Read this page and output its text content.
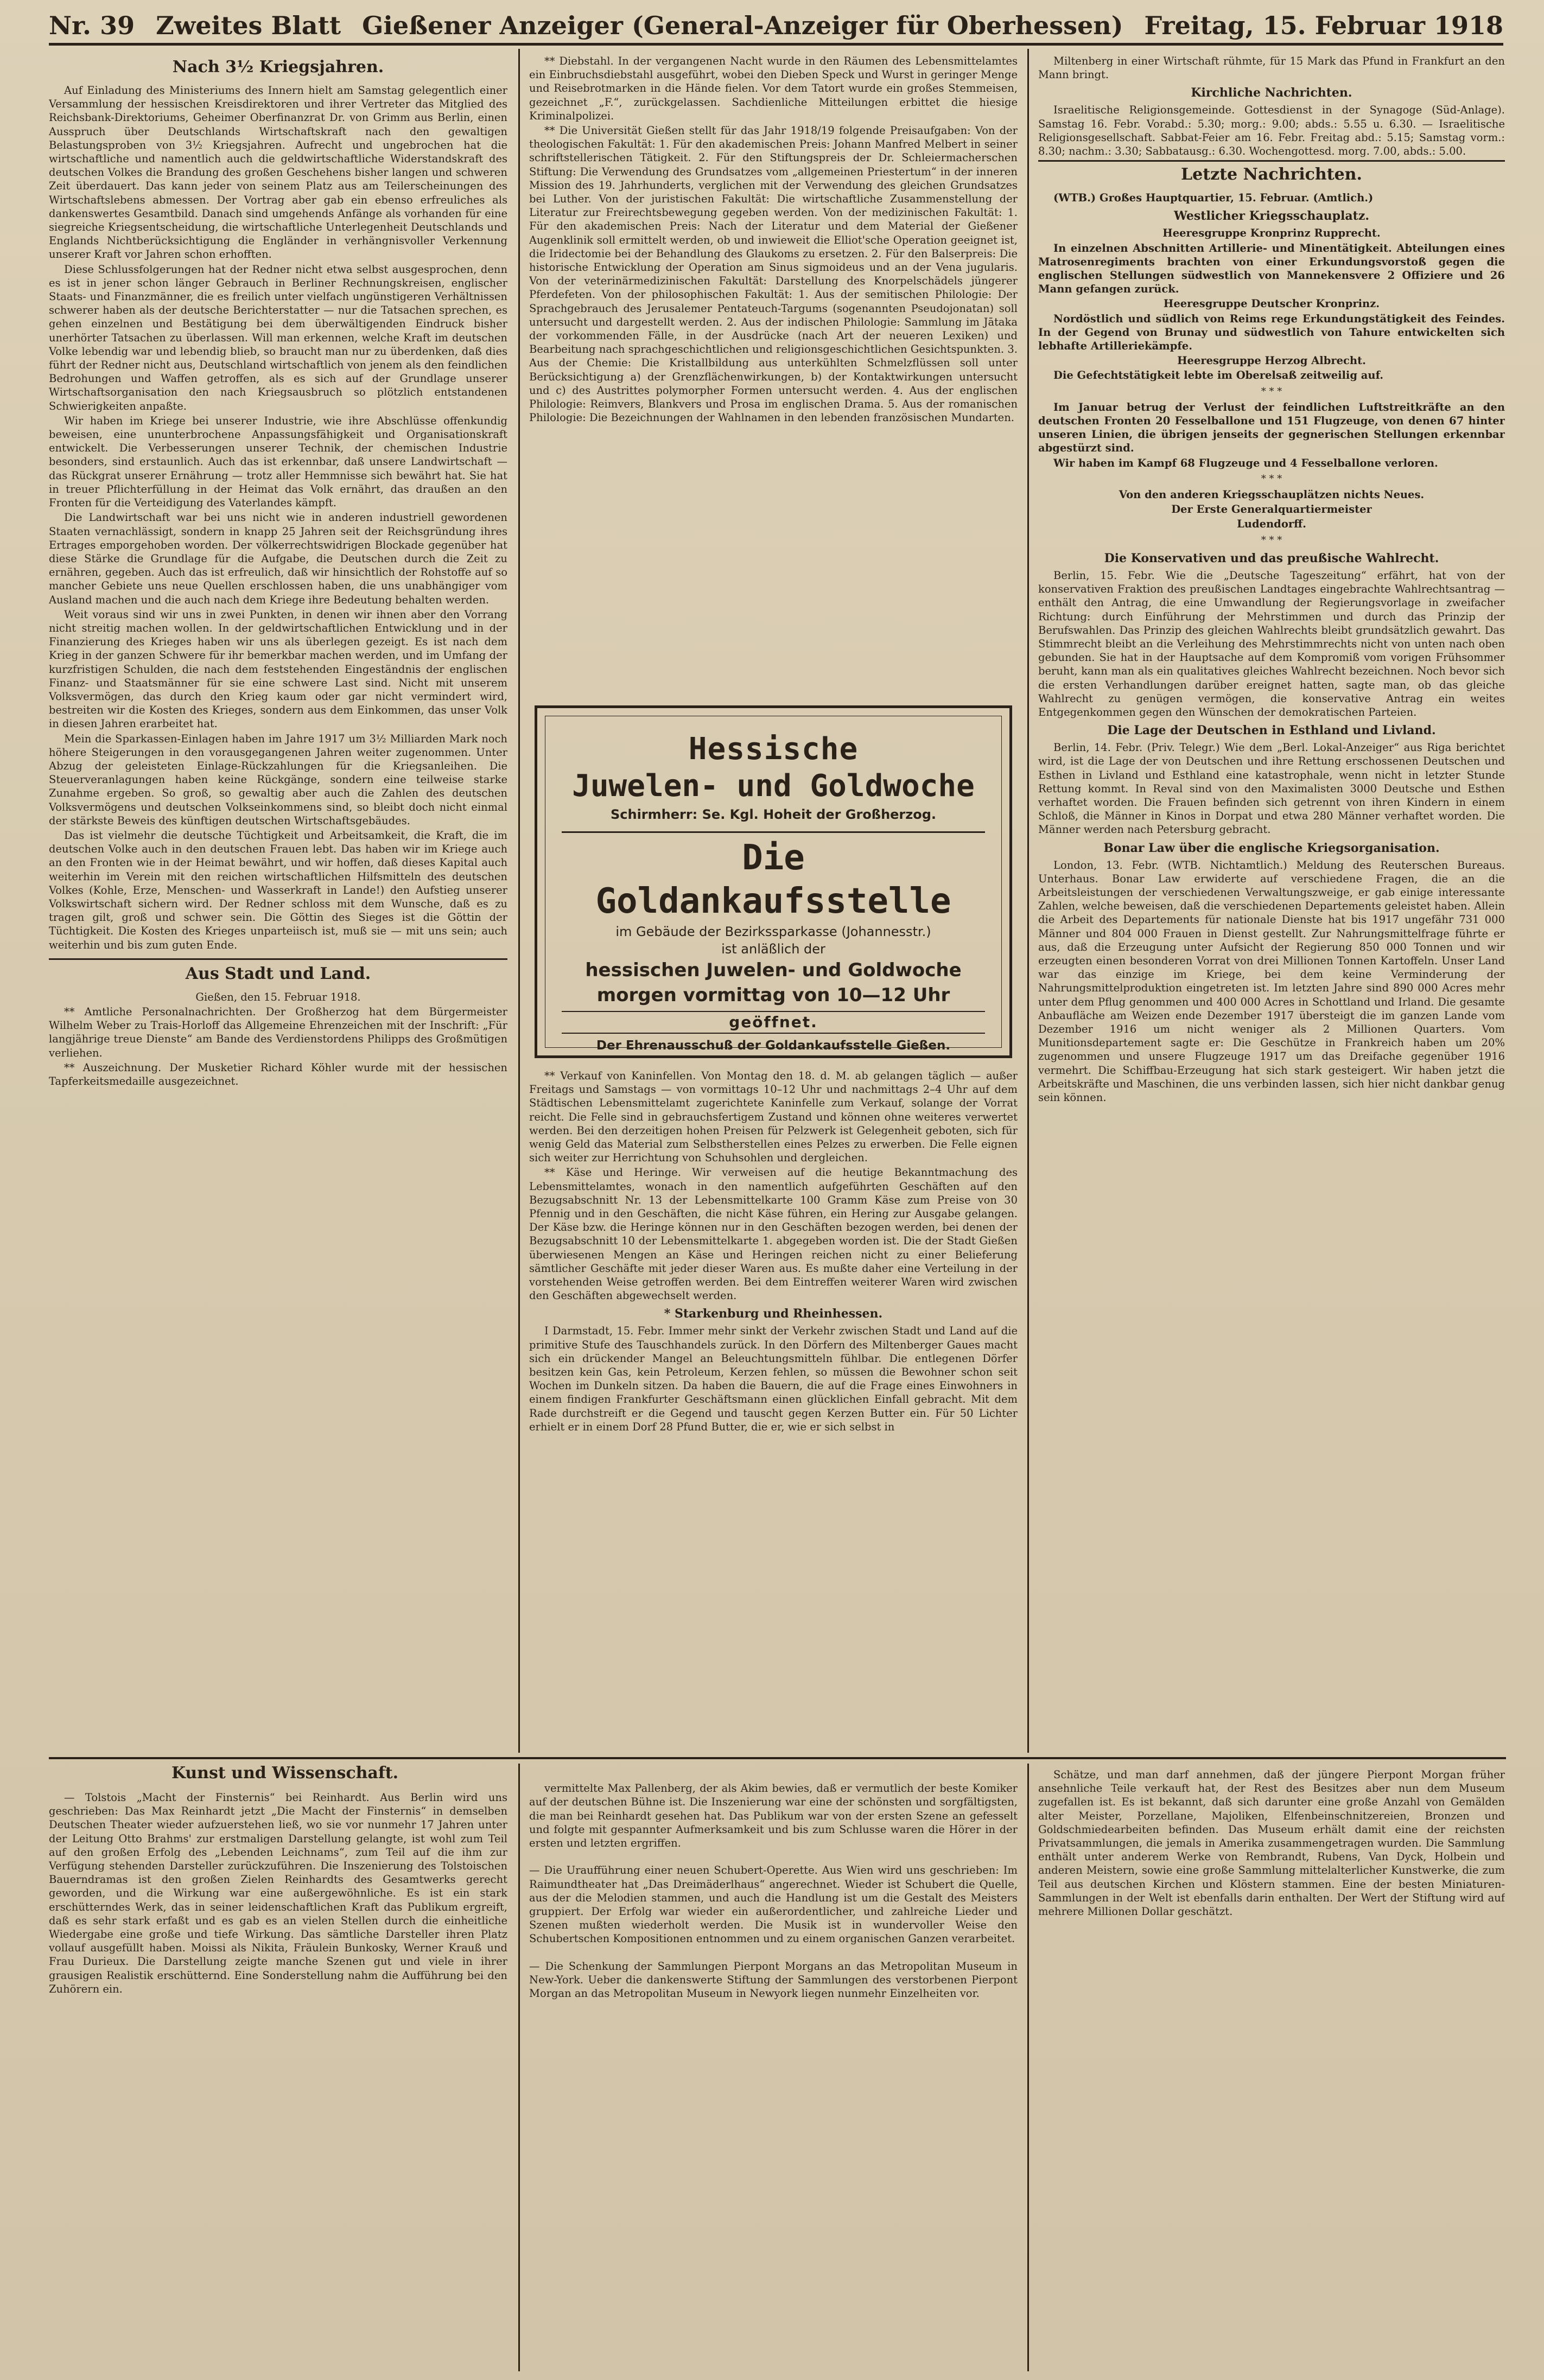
Nr. 39 Zweites Blatt Gießener Anzeiger (General-Anzeiger für Oberhessen) Freitag, 15. Februar 1918
Nach 3½ Kriegsjahren.

Auf Einladung des Ministeriums des Innern hielt am Samstag gelegentlich einer Versammlung der hessischen Kreisdirektoren und ihrer Vertreter das Mitglied des Reichsbank-Direktoriums, Geheimer Oberfinanzrat Dr. von Grimm aus Berlin, einen Ausspruch über Deutschlands Wirtschaftskraft nach den gewaltigen Belastungsproben von 3½ Kriegsjahren. Aufrecht und ungebrochen hat die wirtschaftliche und namentlich auch die geldwirtschaftliche Widerstandskraft des deutschen Volkes die Brandung des großen Geschehens bisher langen und schweren Zeit überdauert. Das kann jeder von seinem Platz aus am Teilerscheinungen des Wirtschaftslebens abmessen. Der Vortrag aber gab ein ebenso erfreuliches als dankenswertes Gesamtbild. Danach sind umgehends Anfänge als vorhanden für eine siegreiche Kriegsentscheidung, die wirtschaftliche Unterlegenheit Deutschlands und Englands Nichtberücksichtigung die Engländer in verhängnisvoller Verkennung unserer Kraft vor Jahren schon erhofften.

Diese Schlussfolgerungen hat der Redner nicht etwa selbst ausgesprochen, denn es ist in jener schon länger Gebrauch in Berliner Rechnungskreisen, englischer Staats- und Finanzmänner, die es freilich unter vielfach ungünstigeren Verhältnissen schwerer haben als der deutsche Berichterstatter — nur die Tatsachen sprechen, es gehen einzelnen und Bestätigung bei dem überwältigenden Eindruck bisher unerhörter Tatsachen zu überlassen. Will man erkennen, welche Kraft im deutschen Volke lebendig war und lebendig blieb, so braucht man nur zu überdenken, daß dies führt der Redner nicht aus, Deutschland wirtschaftlich von jenem als den feindlichen Bedrohungen und Waffen getroffen, als es sich auf der Grundlage unserer Wirtschaftsorganisation den nach Kriegsausbruch so plötzlich entstandenen Schwierigkeiten anpaßte.

Wir haben im Kriege bei unserer Industrie, wie ihre Abschlüsse offenkundig beweisen, eine ununterbrochene Anpassungsfähigkeit und Organisationskraft entwickelt. Die Verbesserungen unserer Technik, der chemischen Industrie besonders, sind erstaunlich. Auch das ist erkennbar, daß unsere Landwirtschaft — das Rückgrat unserer Ernährung — trotz aller Hemmnisse sich bewährt hat. Sie hat in treuer Pflichterfüllung in der Heimat das Volk ernährt, das draußen an den Fronten für die Verteidigung des Vaterlandes kämpft.

Die Landwirtschaft war bei uns nicht wie in anderen industriell gewordenen Staaten vernachlässigt, sondern in knapp 25 Jahren seit der Reichsgründung ihres Ertrages emporgehoben worden. Der völkerrechtswidrigen Blockade gegenüber hat diese Stärke die Grundlage für die Aufgabe, die Deutschen durch die Zeit zu ernähren, gegeben. Auch das ist erfreulich, daß wir hinsichtlich der Rohstoffe auf so mancher Gebiete uns neue Quellen erschlossen haben, die uns unabhängiger vom Ausland machen und die auch nach dem Kriege ihre Bedeutung behalten werden.

Weit voraus sind wir uns in zwei Punkten, in denen wir ihnen aber den Vorrang nicht streitig machen wollen. In der geldwirtschaftlichen Entwicklung und in der Finanzierung des Krieges haben wir uns als überlegen gezeigt. Es ist nach dem Krieg in der ganzen Schwere für ihr bemerkbar machen werden, und im Umfang der kurzfristigen Schulden, die nach dem feststehenden Eingeständnis der englischen Finanz- und Staatsmänner für sie eine schwere Last sind. Nicht mit unserem Volksvermögen, das durch den Krieg kaum oder gar nicht vermindert wird, bestreiten wir die Kosten des Krieges, sondern aus dem Einkommen, das unser Volk in diesen Jahren erarbeitet hat.

Mein die Sparkassen-Einlagen haben im Jahre 1917 um 3½ Milliarden Mark noch höhere Steigerungen in den vorausgegangenen Jahren weiter zugenommen. Unter Abzug der geleisteten Einlage-Rückzahlungen für die Kriegsanleihen. Die Steuerveranlagungen haben keine Rückgänge, sondern eine teilweise starke Zunahme ergeben. So groß, so gewaltig aber auch die Zahlen des deutschen Volksvermögens und deutschen Volkseinkommens sind, so bleibt doch nicht einmal der stärkste Beweis des künftigen deutschen Wirtschaftsgebäudes.

Das ist vielmehr die deutsche Tüchtigkeit und Arbeitsamkeit, die Kraft, die im deutschen Volke auch in den deutschen Frauen lebt. Das haben wir im Kriege auch an den Fronten wie in der Heimat bewährt, und wir hoffen, daß dieses Kapital auch weiterhin im Verein mit den reichen wirtschaftlichen Hilfsmitteln des deutschen Volkes (Kohle, Erze, Menschen- und Wasserkraft in Lande!) den Aufstieg unserer Volkswirtschaft sichern wird. Der Redner schloss mit dem Wunsche, daß es zu tragen gilt, groß und schwer sein. Die Göttin des Sieges ist die Göttin der Tüchtigkeit. Die Kosten des Krieges unparteiisch ist, muß sie — mit uns sein; auch weiterhin und bis zum guten Ende.

Aus Stadt und Land.

Gießen, den 15. Februar 1918.

** Amtliche Personalnachrichten. Der Großherzog hat dem Bürgermeister Wilhelm Weber zu Trais-Horloff das Allgemeine Ehrenzeichen mit der Inschrift: „Für langjährige treue Dienste“ am Bande des Verdienstordens Philipps des Großmütigen verliehen.

** Auszeichnung. Der Musketier Richard Köhler wurde mit der hessischen Tapferkeitsmedaille ausgezeichnet.

** Diebstahl. In der vergangenen Nacht wurde in den Räumen des Lebensmittelamtes ein Einbruchsdiebstahl ausgeführt, wobei den Dieben Speck und Wurst in geringer Menge und Reisebrotmarken in die Hände fielen. Vor dem Tatort wurde ein großes Stemmeisen, gezeichnet „F.“, zurückgelassen. Sachdienliche Mitteilungen erbittet die hiesige Kriminalpolizei.

** Die Universität Gießen stellt für das Jahr 1918/19 folgende Preisaufgaben: Von der theologischen Fakultät: 1. Für den akademischen Preis: Johann Manfred Melbert in seiner schriftstellerischen Tätigkeit. 2. Für den Stiftungspreis der Dr. Schleiermacherschen Stiftung: Die Verwendung des Grundsatzes vom „allgemeinen Priestertum“ in der inneren Mission des 19. Jahrhunderts, verglichen mit der Verwendung des gleichen Grundsatzes bei Luther. Von der juristischen Fakultät: Die wirtschaftliche Zusammenstellung der Literatur zur Freirechtsbewegung gegeben werden. Von der medizinischen Fakultät: 1. Für den akademischen Preis: Nach der Literatur und dem Material der Gießener Augenklinik soll ermittelt werden, ob und inwieweit die Elliot'sche Operation geeignet ist, die Iridectomie bei der Behandlung des Glaukoms zu ersetzen. 2. Für den Balserpreis: Die historische Entwicklung der Operation am Sinus sigmoideus und an der Vena jugularis. Von der veterinärmedizinischen Fakultät: Darstellung des Knorpelschädels jüngerer Pferdefeten. Von der philosophischen Fakultät: 1. Aus der semitischen Philologie: Der Sprachgebrauch des Jerusalemer Pentateuch-Targums (sogenannten Pseudojonatan) soll untersucht und dargestellt werden. 2. Aus der indischen Philologie: Sammlung im Jātaka der vorkommenden Fälle, in der Ausdrücke (nach Art der neueren Lexiken) und Bearbeitung nach sprachgeschichtlichen und religionsgeschichtlichen Gesichtspunkten. 3. Aus der Chemie: Die Kristallbildung aus unterkühlten Schmelzflüssen soll unter Berücksichtigung a) der Grenzflächenwirkungen, b) der Kontaktwirkungen untersucht und c) des Austrittes polymorpher Formen untersucht werden. 4. Aus der englischen Philologie: Reimvers, Blankvers und Prosa im englischen Drama. 5. Aus der romanischen Philologie: Die Bezeichnungen der Wahlnamen in den lebenden französischen Mundarten.

Hessische
Juwelen- und Goldwoche
Schirmherr: Se. Kgl. Hoheit der Großherzog.
Die Goldankaufsstelle
im Gebäude der Bezirkssparkasse (Johannesstr.)
ist anläßlich der
hessischen Juwelen- und Goldwoche
morgen vormittag von 10—12 Uhr
geöffnet.
Der Ehrenausschuß der Goldankaufsstelle Gießen.

** Verkauf von Kaninfellen. Von Montag den 18. d. M. ab gelangen täglich — außer Freitags und Samstags — von vormittags 10–12 Uhr und nachmittags 2–4 Uhr auf dem Städtischen Lebensmittelamt zugerichtete Kaninfelle zum Verkauf, solange der Vorrat reicht. Die Felle sind in gebrauchsfertigem Zustand und können ohne weiteres verwertet werden. Bei den derzeitigen hohen Preisen für Pelzwerk ist Gelegenheit geboten, sich für wenig Geld das Material zum Selbstherstellen eines Pelzes zu erwerben. Die Felle eignen sich weiter zur Herrichtung von Schuhsohlen und dergleichen.

** Käse und Heringe. Wir verweisen auf die heutige Bekanntmachung des Lebensmittelamtes, wonach in den namentlich aufgeführten Geschäften auf den Bezugsabschnitt Nr. 13 der Lebensmittelkarte 100 Gramm Käse zum Preise von 30 Pfennig und in den Geschäften, die nicht Käse führen, ein Hering zur Ausgabe gelangen. Der Käse bzw. die Heringe können nur in den Geschäften bezogen werden, bei denen der Bezugsabschnitt 10 der Lebensmittelkarte 1. abgegeben worden ist. Die der Stadt Gießen überwiesenen Mengen an Käse und Heringen reichen nicht zu einer Belieferung sämtlicher Geschäfte mit jeder dieser Waren aus. Es mußte daher eine Verteilung in der vorstehenden Weise getroffen werden. Bei dem Eintreffen weiterer Waren wird zwischen den Geschäften abgewechselt werden.

* Starkenburg und Rheinhessen.

I Darmstadt, 15. Febr. Immer mehr sinkt der Verkehr zwischen Stadt und Land auf die primitive Stufe des Tauschhandels zurück. In den Dörfern des Miltenberger Gaues macht sich ein drückender Mangel an Beleuchtungsmitteln fühlbar. Die entlegenen Dörfer besitzen kein Gas, kein Petroleum, Kerzen fehlen, so müssen die Bewohner schon seit Wochen im Dunkeln sitzen. Da haben die Bauern, die auf die Frage eines Einwohners in einem findigen Frankfurter Geschäftsmann einen glücklichen Einfall gebracht. Mit dem Rade durchstreift er die Gegend und tauscht gegen Kerzen Butter ein. Für 50 Lichter erhielt er in einem Dorf 28 Pfund Butter, die er, wie er sich selbst in

Miltenberg in einer Wirtschaft rühmte, für 15 Mark das Pfund in Frankfurt an den Mann bringt.

Kirchliche Nachrichten.

Israelitische Religionsgemeinde. Gottesdienst in der Synagoge (Süd-Anlage). Samstag 16. Febr. Vorabd.: 5.30; morg.: 9.00; abds.: 5.55 u. 6.30. — Israelitische Religionsgesellschaft. Sabbat-Feier am 16. Febr. Freitag abd.: 5.15; Samstag vorm.: 8.30; nachm.: 3.30; Sabbatausg.: 6.30. Wochengottesd. morg. 7.00, abds.: 5.00.

Letzte Nachrichten.

(WTB.) Großes Hauptquartier, 15. Februar. (Amtlich.)

Westlicher Kriegsschauplatz.

Heeresgruppe Kronprinz Rupprecht.

In einzelnen Abschnitten Artillerie- und Minentätigkeit. Abteilungen eines Matrosenregiments brachten von einer Erkundungsvorstoß gegen die englischen Stellungen südwestlich von Mannekensvere 2 Offiziere und 26 Mann gefangen zurück.

Heeresgruppe Deutscher Kronprinz.

Nordöstlich und südlich von Reims rege Erkundungstätigkeit des Feindes. In der Gegend von Brunay und südwestlich von Tahure entwickelten sich lebhafte Artilleriekämpfe.

Heeresgruppe Herzog Albrecht.

Die Gefechtstätigkeit lebte im Oberelsaß zeitweilig auf.

* * *

Im Januar betrug der Verlust der feindlichen Luftstreitkräfte an den deutschen Fronten 20 Fesselballone und 151 Flugzeuge, von denen 67 hinter unseren Linien, die übrigen jenseits der gegnerischen Stellungen erkennbar abgestürzt sind.

Wir haben im Kampf 68 Flugzeuge und 4 Fesselballone verloren.

* * *

Von den anderen Kriegsschauplätzen nichts Neues.

Der Erste Generalquartiermeister

Ludendorff.

* * *

Die Konservativen und das preußische Wahlrecht.

Berlin, 15. Febr. Wie die „Deutsche Tageszeitung“ erfährt, hat von der konservativen Fraktion des preußischen Landtages eingebrachte Wahlrechtsantrag — enthält den Antrag, die eine Umwandlung der Regierungsvorlage in zweifacher Richtung: durch Einführung der Mehrstimmen und durch das Prinzip der Berufswahlen. Das Prinzip des gleichen Wahlrechts bleibt grundsätzlich gewahrt. Das Stimmrecht bleibt an die Verleihung des Mehrstimmrechts nicht von unten nach oben gebunden. Sie hat in der Hauptsache auf dem Kompromiß vom vorigen Frühsommer beruht, kann man als ein qualitatives gleiches Wahlrecht bezeichnen. Noch bevor sich die ersten Verhandlungen darüber ereignet hatten, sagte man, ob das gleiche Wahlrecht zu genügen vermögen, die konservative Antrag ein weites Entgegenkommen gegen den Wünschen der demokratischen Parteien.

Die Lage der Deutschen in Esthland und Livland.

Berlin, 14. Febr. (Priv. Telegr.) Wie dem „Berl. Lokal-Anzeiger“ aus Riga berichtet wird, ist die Lage der von Deutschen und ihre Rettung erschossenen Deutschen und Esthen in Livland und Esthland eine katastrophale, wenn nicht in letzter Stunde Rettung kommt. In Reval sind von den Maximalisten 3000 Deutsche und Esthen verhaftet worden. Die Frauen befinden sich getrennt von ihren Kindern in einem Schloß, die Männer in Kinos in Dorpat und etwa 280 Männer verhaftet worden. Die Männer werden nach Petersburg gebracht.

Bonar Law über die englische Kriegsorganisation.

London, 13. Febr. (WTB. Nichtamtlich.) Meldung des Reuterschen Bureaus. Unterhaus. Bonar Law erwiderte auf verschiedene Fragen, die an die Arbeitsleistungen der verschiedenen Verwaltungszweige, er gab einige interessante Zahlen, welche beweisen, daß die verschiedenen Departements geleistet haben. Allein die Arbeit des Departements für nationale Dienste hat bis 1917 ungefähr 731 000 Männer und 804 000 Frauen in Dienst gestellt. Zur Nahrungsmittelfrage führte er aus, daß die Erzeugung unter Aufsicht der Regierung 850 000 Tonnen und wir erzeugten einen besonderen Vorrat von drei Millionen Tonnen Kartoffeln. Unser Land war das einzige im Kriege, bei dem keine Verminderung der Nahrungsmittelproduktion eingetreten ist. Im letzten Jahre sind 890 000 Acres mehr unter dem Pflug genommen und 400 000 Acres in Schottland und Irland. Die gesamte Anbaufläche am Weizen ende Dezember 1917 übersteigt die im ganzen Lande vom Dezember 1916 um nicht weniger als 2 Millionen Quarters. Vom Munitionsdepartement sagte er: Die Geschütze in Frankreich haben um 20% zugenommen und unsere Flugzeuge 1917 um das Dreifache gegenüber 1916 vermehrt. Die Schiffbau-Erzeugung hat sich stark gesteigert. Wir haben jetzt die Arbeitskräfte und Maschinen, die uns verbinden lassen, sich hier nicht dankbar genug sein können.

Kunst und Wissenschaft.

— Tolstois „Macht der Finsternis“ bei Reinhardt. Aus Berlin wird uns geschrieben: Das Max Reinhardt jetzt „Die Macht der Finsternis“ in demselben Deutschen Theater wieder aufzuerstehen ließ, wo sie vor nunmehr 17 Jahren unter der Leitung Otto Brahms' zur erstmaligen Darstellung gelangte, ist wohl zum Teil auf den großen Erfolg des „Lebenden Leichnams“, zum Teil auf die ihm zur Verfügung stehenden Darsteller zurückzuführen. Die Inszenierung des Tolstoischen Bauerndramas ist den großen Zielen Reinhardts des Gesamtwerks gerecht geworden, und die Wirkung war eine außergewöhnliche. Es ist ein stark erschütterndes Werk, das in seiner leidenschaftlichen Kraft das Publikum ergreift, daß es sehr stark erfaßt und es gab es an vielen Stellen durch die einheitliche Wiedergabe eine große und tiefe Wirkung. Das sämtliche Darsteller ihren Platz vollauf ausgefüllt haben. Moissi als Nikita, Fräulein Bunkosky, Werner Krauß und Frau Durieux. Die Darstellung zeigte manche Szenen gut und viele in ihrer grausigen Realistik erschütternd. Eine Sonderstellung nahm die Aufführung bei den Zuhörern ein.

vermittelte Max Pallenberg, der als Akim bewies, daß er vermutlich der beste Komiker auf der deutschen Bühne ist. Die Inszenierung war eine der schönsten und sorgfältigsten, die man bei Reinhardt gesehen hat. Das Publikum war von der ersten Szene an gefesselt und folgte mit gespannter Aufmerksamkeit und bis zum Schlusse waren die Hörer in der ersten und letzten ergriffen.

— Die Uraufführung einer neuen Schubert-Operette. Aus Wien wird uns geschrieben: Im Raimundtheater hat „Das Dreimäderlhaus“ angerechnet. Wieder ist Schubert die Quelle, aus der die Melodien stammen, und auch die Handlung ist um die Gestalt des Meisters gruppiert. Der Erfolg war wieder ein außerordentlicher, und zahlreiche Lieder und Szenen mußten wiederholt werden. Die Musik ist in wundervoller Weise den Schubertschen Kompositionen entnommen und zu einem organischen Ganzen verarbeitet.

— Die Schenkung der Sammlungen Pierpont Morgans an das Metropolitan Museum in New-York. Ueber die dankenswerte Stiftung der Sammlungen des verstorbenen Pierpont Morgan an das Metropolitan Museum in Newyork liegen nunmehr Einzelheiten vor.

Schätze, und man darf annehmen, daß der jüngere Pierpont Morgan früher ansehnliche Teile verkauft hat, der Rest des Besitzes aber nun dem Museum zugefallen ist. Es ist bekannt, daß sich darunter eine große Anzahl von Gemälden alter Meister, Porzellane, Majoliken, Elfenbeinschnitzereien, Bronzen und Goldschmiedearbeiten befinden. Das Museum erhält damit eine der reichsten Privatsammlungen, die jemals in Amerika zusammengetragen wurden. Die Sammlung enthält unter anderem Werke von Rembrandt, Rubens, Van Dyck, Holbein und anderen Meistern, sowie eine große Sammlung mittelalterlicher Kunstwerke, die zum Teil aus deutschen Kirchen und Klöstern stammen. Eine der besten Miniaturen-Sammlungen in der Welt ist ebenfalls darin enthalten. Der Wert der Stiftung wird auf mehrere Millionen Dollar geschätzt.
